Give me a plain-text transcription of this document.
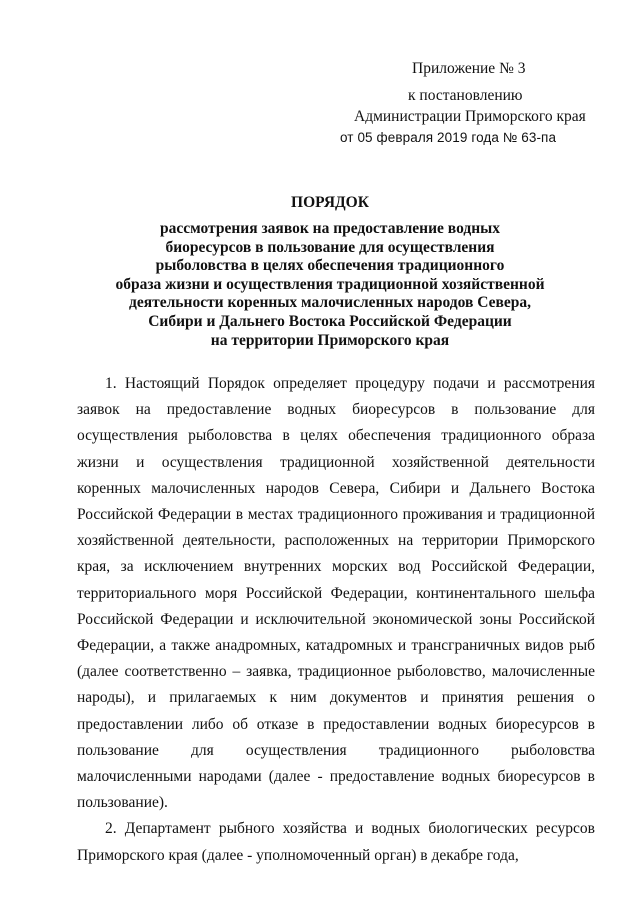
Приложение № 3
к постановлению
Администрации Приморского края
от 05 февраля 2019 года № 63-па
ПОРЯДОК
рассмотрения заявок на предоставление водных
биоресурсов в пользование для осуществления
рыболовства в целях обеспечения традиционного
образа жизни и осуществления традиционной хозяйственной
деятельности коренных малочисленных народов Севера,
Сибири и Дальнего Востока Российской Федерации
на территории Приморского края

1. Настоящий Порядок определяет процедуру подачи и рассмотрения заявок на предоставление водных биоресурсов в пользование для осуществления рыболовства в целях обеспечения традиционного образа жизни и осуществления традиционной хозяйственной деятельности коренных малочисленных народов Севера, Сибири и Дальнего Востока Российской Федерации в местах традиционного проживания и традиционной хозяйственной деятельности, расположенных на территории Приморского края, за исключением внутренних морских вод Российской Федерации, территориального моря Российской Федерации, континентального шельфа Российской Федерации и исключительной экономической зоны Российской Федерации, а также анадромных, катадромных и трансграничных видов рыб (далее соответственно – заявка, традиционное рыболовство, малочисленные народы), и прилагаемых к ним документов и принятия решения о предоставлении либо об отказе в предоставлении водных биоресурсов в пользование для осуществления традиционного рыболовства малочисленными народами (далее - предоставление водных биоресурсов в пользование).

2. Департамент рыбного хозяйства и водных биологических ресурсов Приморского края (далее - уполномоченный орган) в декабре года,
